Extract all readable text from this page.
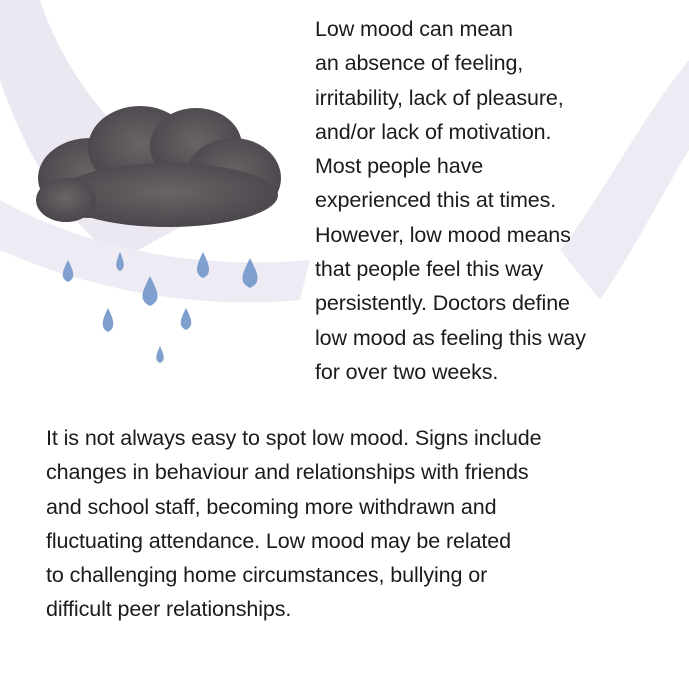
Low mood can mean
an absence of feeling,
irritability, lack of pleasure,
and/or lack of motivation.
Most people have
experienced this at times.
However, low mood means
that people feel this way
persistently. Doctors define
low mood as feeling this way
for over two weeks.

It is not always easy to spot low mood. Signs include
changes in behaviour and relationships with friends
and school staff, becoming more withdrawn and
fluctuating attendance. Low mood may be related
to challenging home circumstances, bullying or
difficult peer relationships.
